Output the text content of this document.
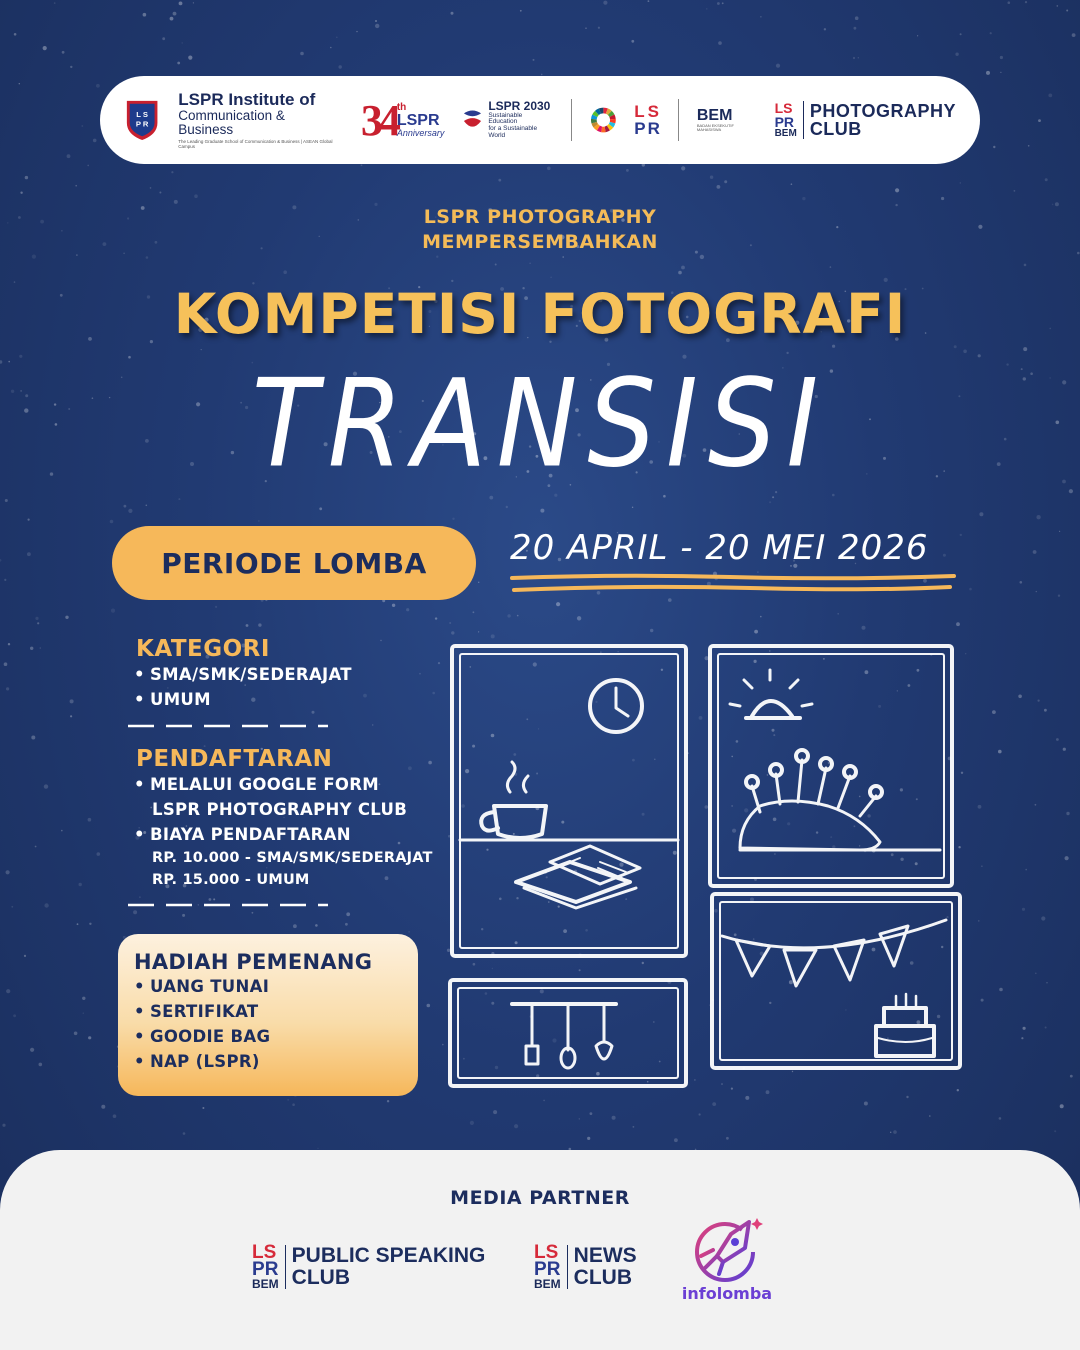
L S
P R
LSPR Institute of
Communication & Business
The Leading Graduate School of Communication & Business | ASEAN Global Campus
34 th
LSPR
Anniversary
LSPR 2030
Sustainable Education
for a Sustainable World
L S
P R
BEM
BADAN EKSEKUTIF MAHASISWA
LS
PR
BEM
PHOTOGRAPHY
CLUB
LSPR PHOTOGRAPHY
MEMPERSEMBAHKAN
KOMPETISI FOTOGRAFI
TRANSISI
PERIODE LOMBA	20 APRIL - 20 MEI 2026
KATEGORI
• SMA/SMK/SEDERAJAT
• UMUM
PENDAFTARAN
• MELALUI GOOGLE FORM
LSPR PHOTOGRAPHY CLUB
• BIAYA PENDAFTARAN
RP. 10.000 - SMA/SMK/SEDERAJAT
RP. 15.000 - UMUM
HADIAH PEMENANG
• UANG TUNAI
• SERTIFIKAT
• GOODIE BAG
• NAP (LSPR)
MEDIA PARTNER
LS
PR
BEM
PUBLIC SPEAKING
CLUB
LS
PR
BEM
NEWS
CLUB
infolomba
